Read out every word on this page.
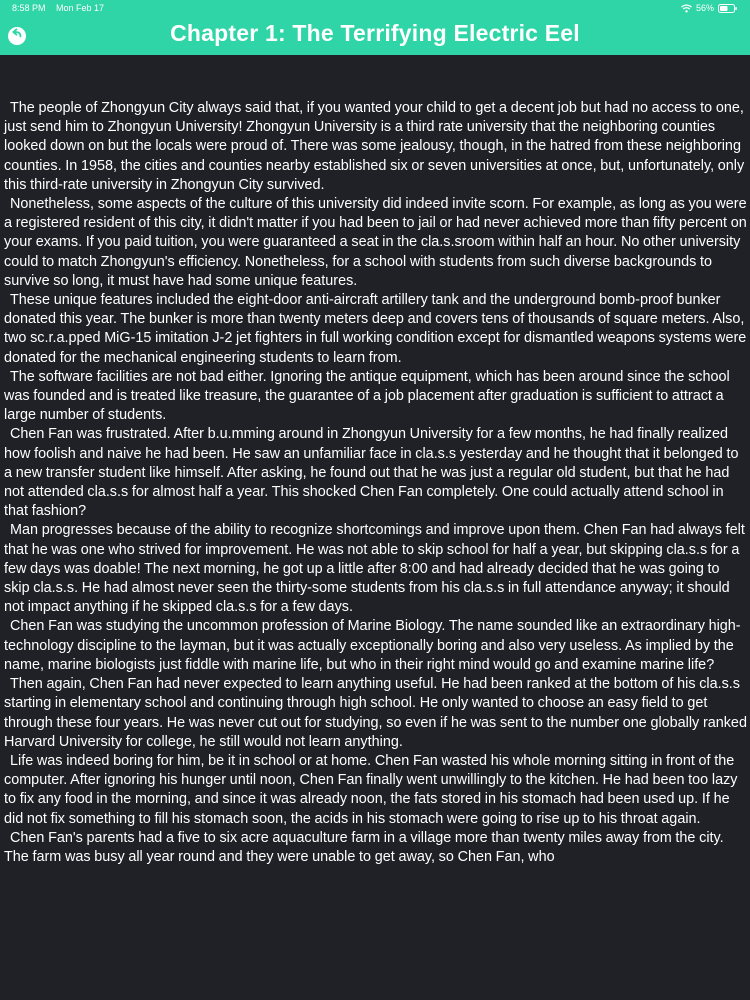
8:58 PM Mon Feb 17	56%
Chapter 1: The Terrifying Electric Eel

The people of Zhongyun City always said that, if you wanted your child to get a decent job but had no access to one, just send him to Zhongyun University! Zhongyun University is a third rate university that the neighboring counties looked down on but the locals were proud of. There was some jealousy, though, in the hatred from these neighboring counties. In 1958, the cities and counties nearby established six or seven universities at once, but, unfortunately, only this third-rate university in Zhongyun City survived.

Nonetheless, some aspects of the culture of this university did indeed invite scorn. For example, as long as you were a registered resident of this city, it didn't matter if you had been to jail or had never achieved more than fifty percent on your exams. If you paid tuition, you were guaranteed a seat in the cla.s.sroom within half an hour. No other university could to match Zhongyun's efficiency. Nonetheless, for a school with students from such diverse backgrounds to survive so long, it must have had some unique features.

These unique features included the eight-door anti-aircraft artillery tank and the underground bomb-proof bunker donated this year. The bunker is more than twenty meters deep and covers tens of thousands of square meters. Also, two sc.r.a.pped MiG-15 imitation J-2 jet fighters in full working condition except for dismantled weapons systems were donated for the mechanical engineering students to learn from.

The software facilities are not bad either. Ignoring the antique equipment, which has been around since the school was founded and is treated like treasure, the guarantee of a job placement after graduation is sufficient to attract a large number of students.

Chen Fan was frustrated. After b.u.mming around in Zhongyun University for a few months, he had finally realized how foolish and naive he had been. He saw an unfamiliar face in cla.s.s yesterday and he thought that it belonged to a new transfer student like himself. After asking, he found out that he was just a regular old student, but that he had not attended cla.s.s for almost half a year. This shocked Chen Fan completely. One could actually attend school in that fashion?

Man progresses because of the ability to recognize shortcomings and improve upon them. Chen Fan had always felt that he was one who strived for improvement. He was not able to skip school for half a year, but skipping cla.s.s for a few days was doable! The next morning, he got up a little after 8:00 and had already decided that he was going to skip cla.s.s. He had almost never seen the thirty-some students from his cla.s.s in full attendance anyway; it should not impact anything if he skipped cla.s.s for a few days.

Chen Fan was studying the uncommon profession of Marine Biology. The name sounded like an extraordinary high-technology discipline to the layman, but it was actually exceptionally boring and also very useless. As implied by the name, marine biologists just fiddle with marine life, but who in their right mind would go and examine marine life?

Then again, Chen Fan had never expected to learn anything useful. He had been ranked at the bottom of his cla.s.s starting in elementary school and continuing through high school. He only wanted to choose an easy field to get through these four years. He was never cut out for studying, so even if he was sent to the number one globally ranked Harvard University for college, he still would not learn anything.

Life was indeed boring for him, be it in school or at home. Chen Fan wasted his whole morning sitting in front of the computer. After ignoring his hunger until noon, Chen Fan finally went unwillingly to the kitchen. He had been too lazy to fix any food in the morning, and since it was already noon, the fats stored in his stomach had been used up. If he did not fix something to fill his stomach soon, the acids in his stomach were going to rise up to his throat again.

Chen Fan's parents had a five to six acre aquaculture farm in a village more than twenty miles away from the city. The farm was busy all year round and they were unable to get away, so Chen Fan, who
